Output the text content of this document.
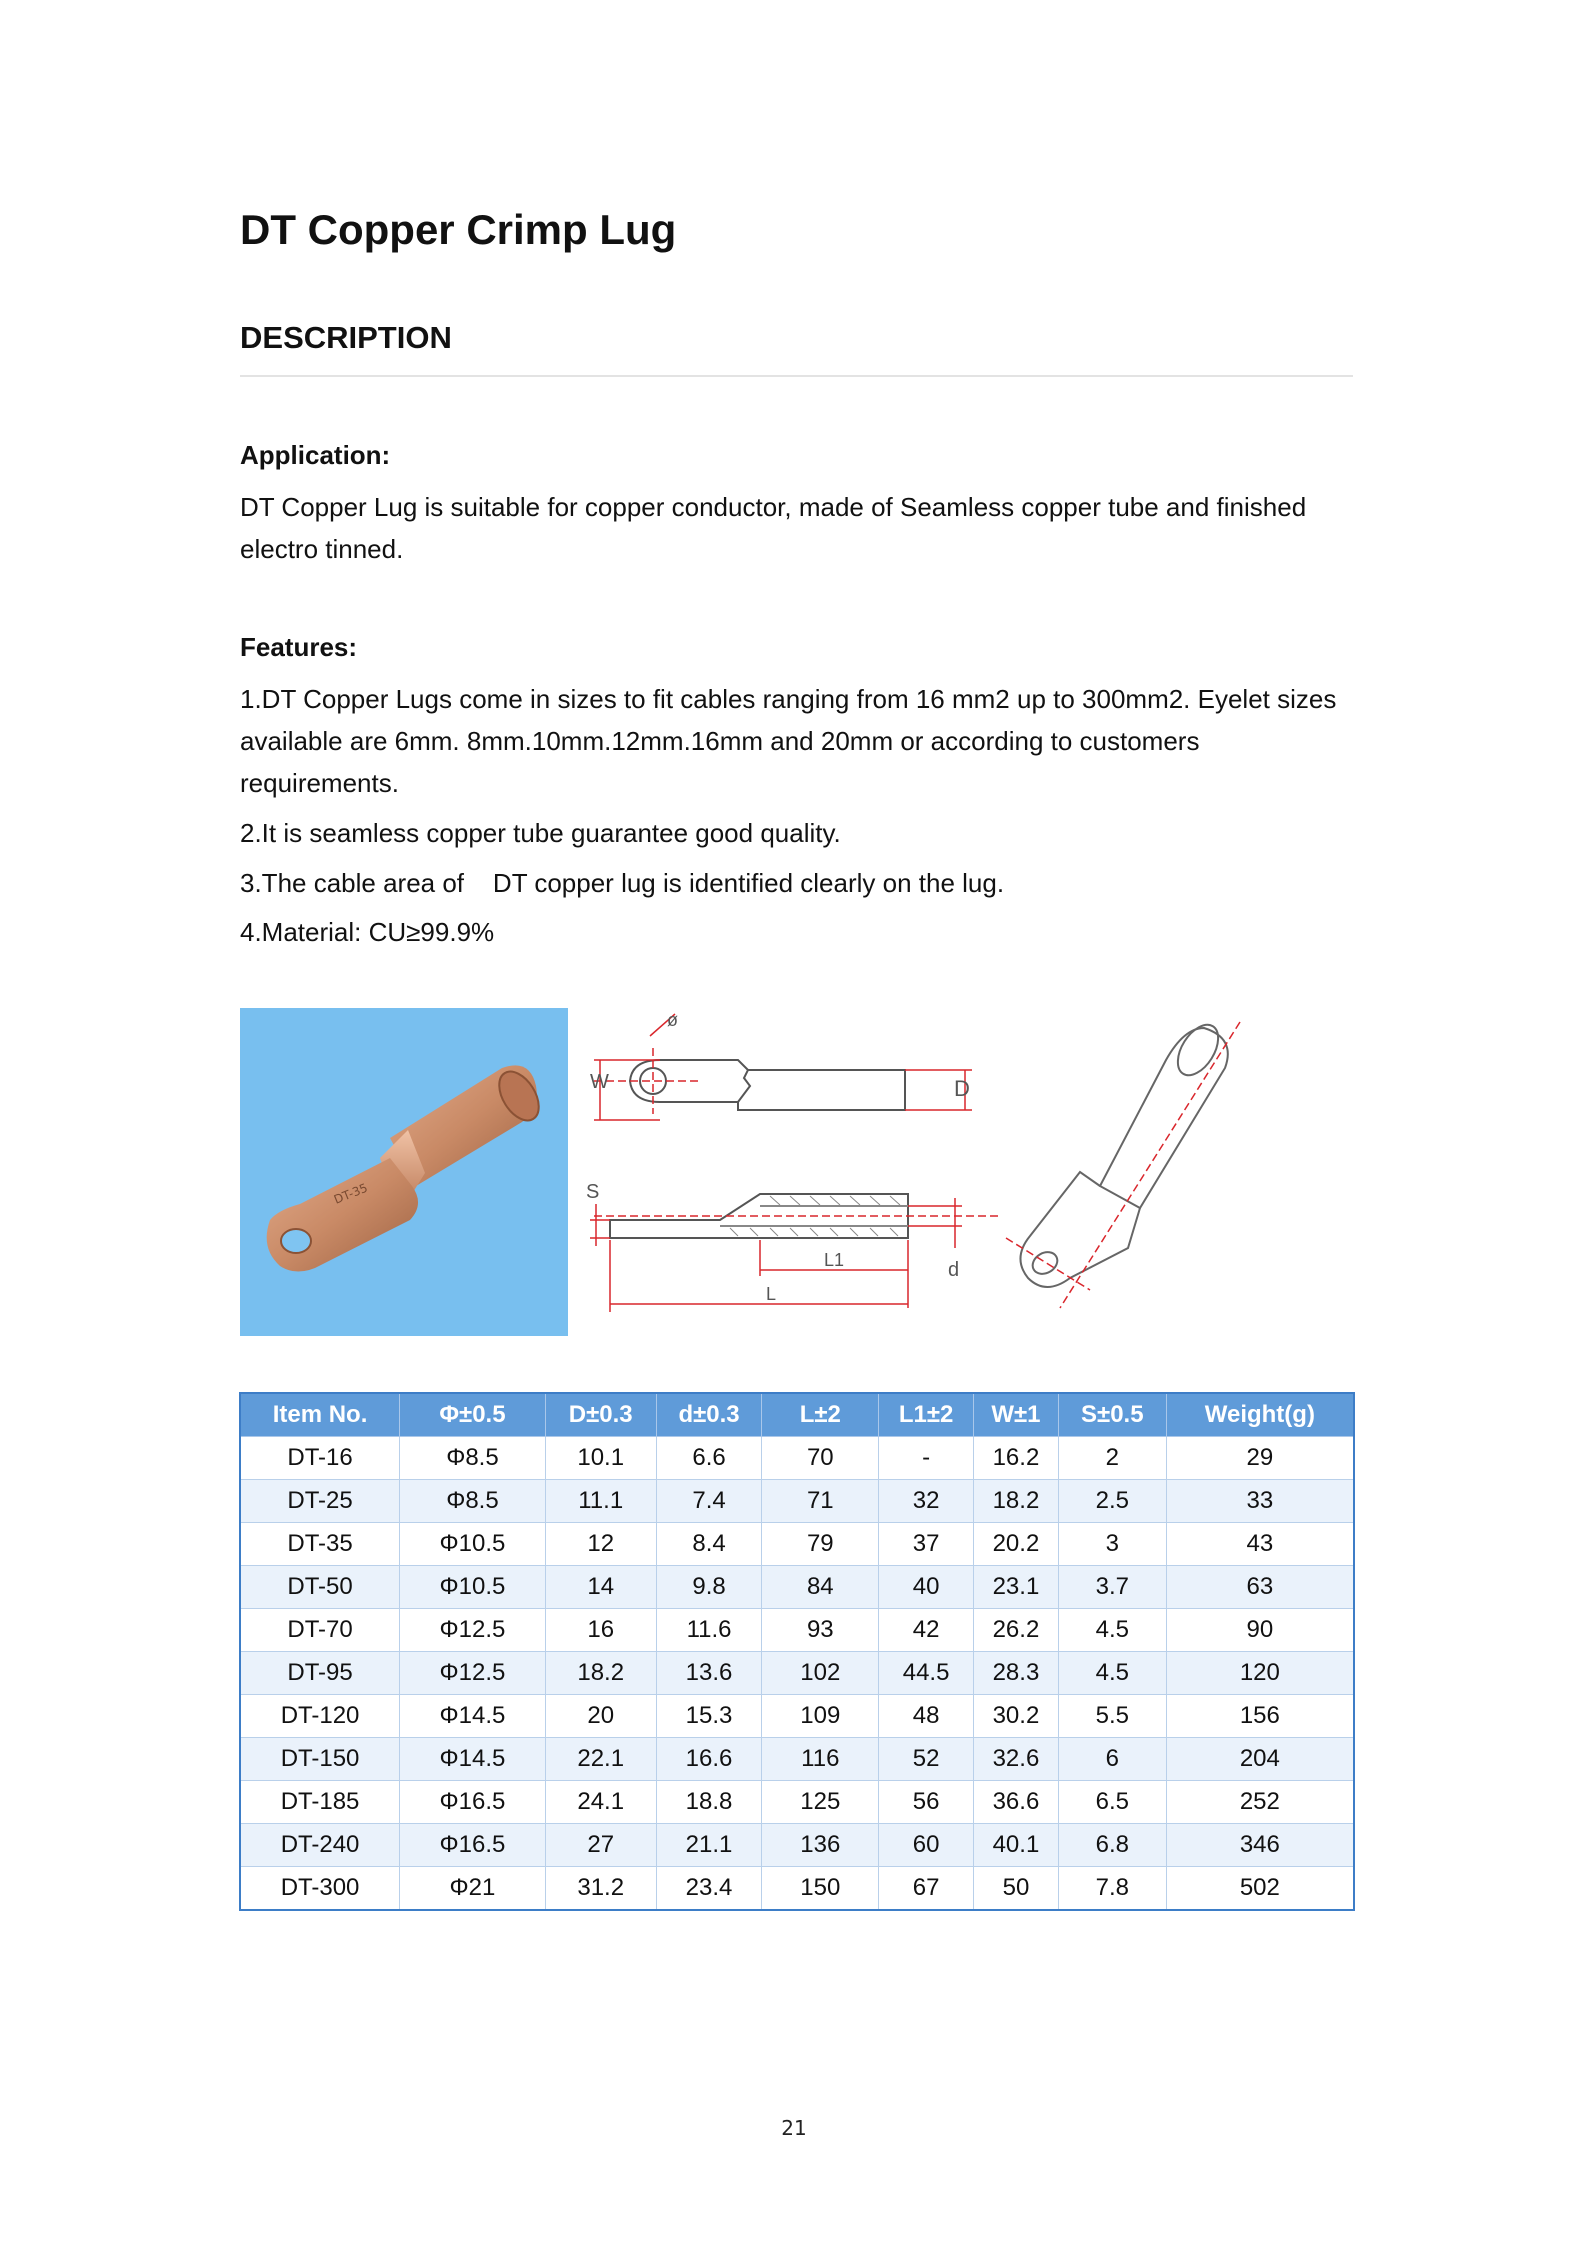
DT Copper Crimp Lug
DESCRIPTION

Application:

DT Copper Lug is suitable for copper conductor, made of Seamless copper tube and finished electro tinned.

Features:

1.DT Copper Lugs come in sizes to fit cables ranging from 16 mm2 up to 300mm2. Eyelet sizes available are 6mm. 8mm.10mm.12mm.16mm and 20mm or according to customers requirements.

2.It is seamless copper tube guarantee good quality.

3.The cable area of    DT copper lug is identified clearly on the lug.

4.Material: CU≥99.9%

DT-35
W
ø
D
S
d
L1
L
Item No.	Φ±0.5	D±0.3	d±0.3	L±2	L1±2	W±1	S±0.5	Weight(g)
DT-16	Φ8.5	10.1	6.6	70	-	16.2	2	29
DT-25	Φ8.5	11.1	7.4	71	32	18.2	2.5	33
DT-35	Φ10.5	12	8.4	79	37	20.2	3	43
DT-50	Φ10.5	14	9.8	84	40	23.1	3.7	63
DT-70	Φ12.5	16	11.6	93	42	26.2	4.5	90
DT-95	Φ12.5	18.2	13.6	102	44.5	28.3	4.5	120
DT-120	Φ14.5	20	15.3	109	48	30.2	5.5	156
DT-150	Φ14.5	22.1	16.6	116	52	32.6	6	204
DT-185	Φ16.5	24.1	18.8	125	56	36.6	6.5	252
DT-240	Φ16.5	27	21.1	136	60	40.1	6.8	346
DT-300	Φ21	31.2	23.4	150	67	50	7.8	502
21
